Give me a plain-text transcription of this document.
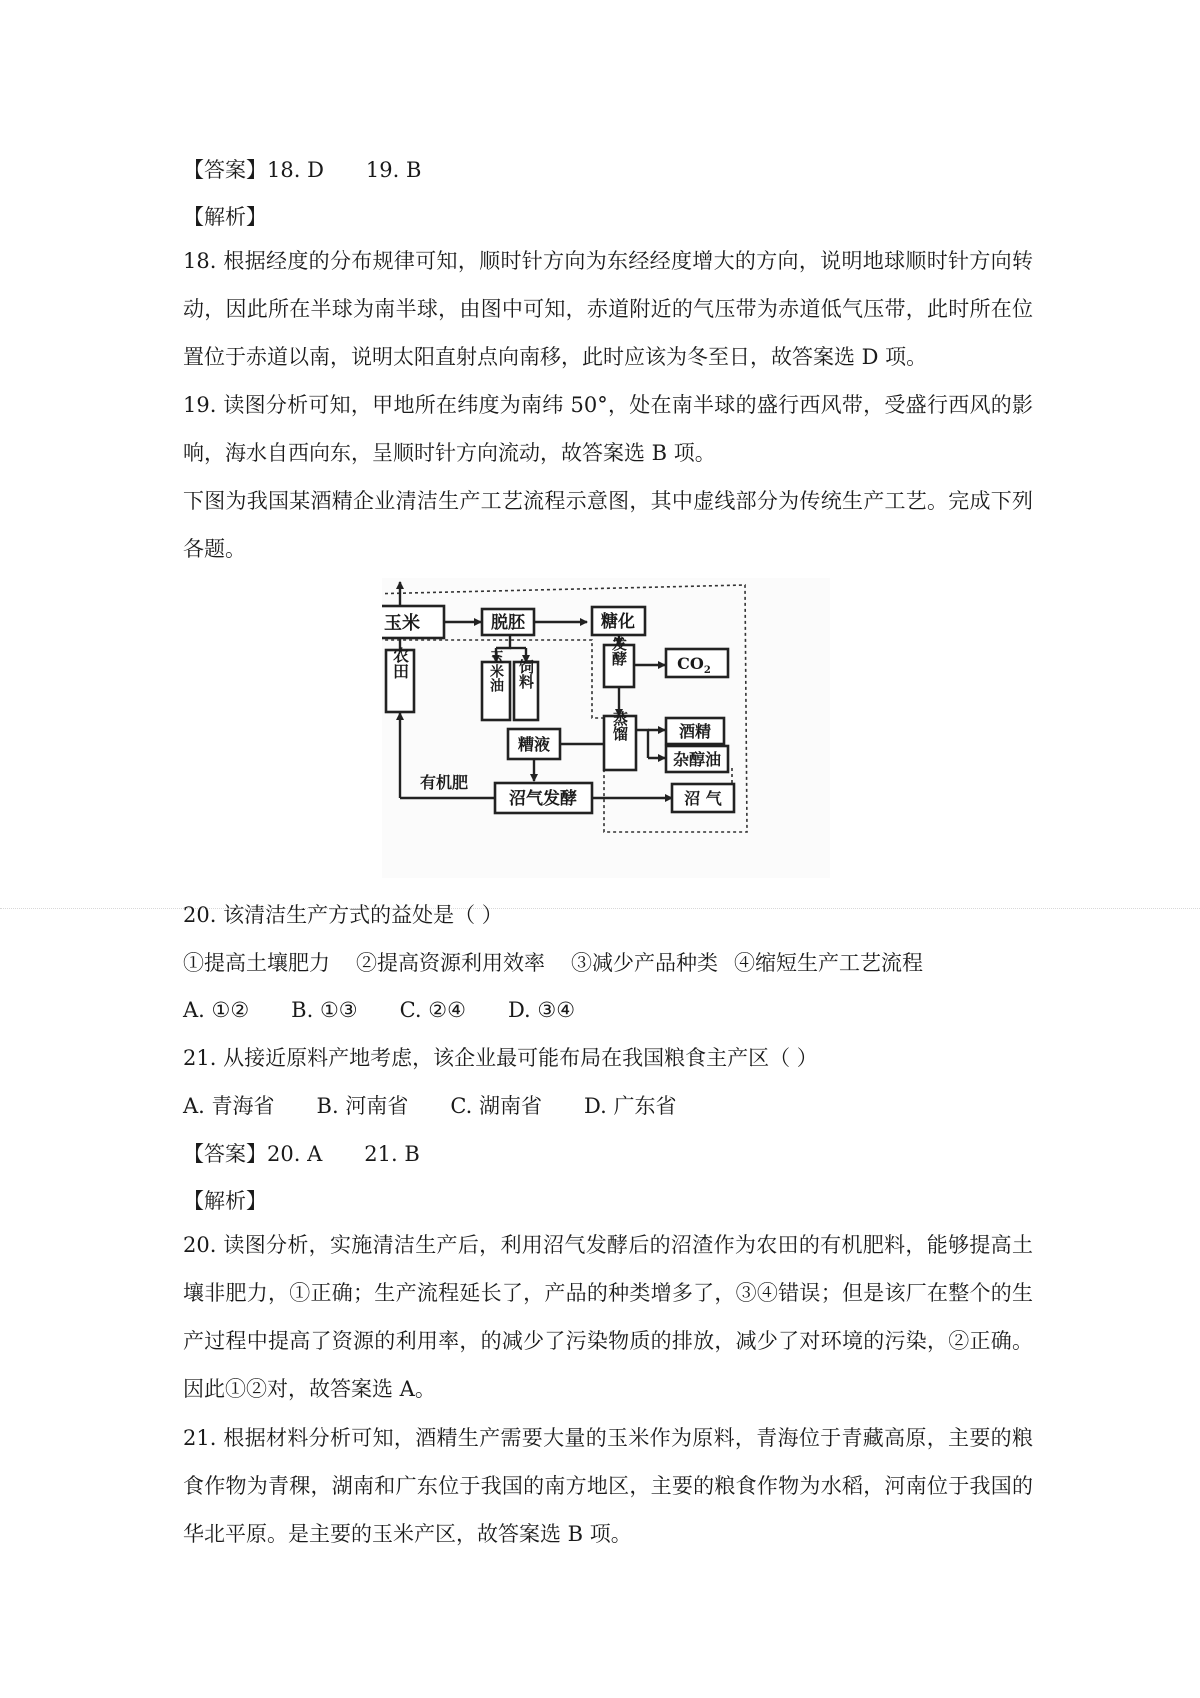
【答案】18. D 19. B
【解析】
18. 根据经度的分布规律可知，顺时针方向为东经经度增大的方向，说明地球顺时针方向转动，因此所在半球为南半球，由图中可知，赤道附近的气压带为赤道低气压带，此时所在位置位于赤道以南，说明太阳直射点向南移，此时应该为冬至日，故答案选 D 项。
19. 读图分析可知，甲地所在纬度为南纬 50°，处在南半球的盛行西风带，受盛行西风的影响，海水自西向东，呈顺时针方向流动，故答案选 B 项。
下图为我国某酒精企业清洁生产工艺流程示意图，其中虚线部分为传统生产工艺。完成下列各题。
玉米	脱胚	糖化
玉米油 饲料
发酵	$CO_2$
农田
蒸馏	酒精
杂醇油
糟液
沼气发酵	沼 气
有机肥
20. 该清洁生产方式的益处是（ ）
①提高土壤肥力 ②提高资源利用效率 ③减少产品种类 ④缩短生产工艺流程
A. ①② B. ①③ C. ②④ D. ③④
21. 从接近原料产地考虑，该企业最可能布局在我国粮食主产区（ ）
A. 青海省 B. 河南省 C. 湖南省 D. 广东省
【答案】20. A 21. B
【解析】
20. 读图分析，实施清洁生产后，利用沼气发酵后的沼渣作为农田的有机肥料，能够提高土壤非肥力，①正确；生产流程延长了，产品的种类增多了，③④错误；但是该厂在整个的生产过程中提高了资源的利用率，的减少了污染物质的排放，减少了对环境的污染，②正确。因此①②对，故答案选 A。
21. 根据材料分析可知，酒精生产需要大量的玉米作为原料，青海位于青藏高原，主要的粮食作物为青稞，湖南和广东位于我国的南方地区，主要的粮食作物为水稻，河南位于我国的华北平原。是主要的玉米产区，故答案选 B 项。
